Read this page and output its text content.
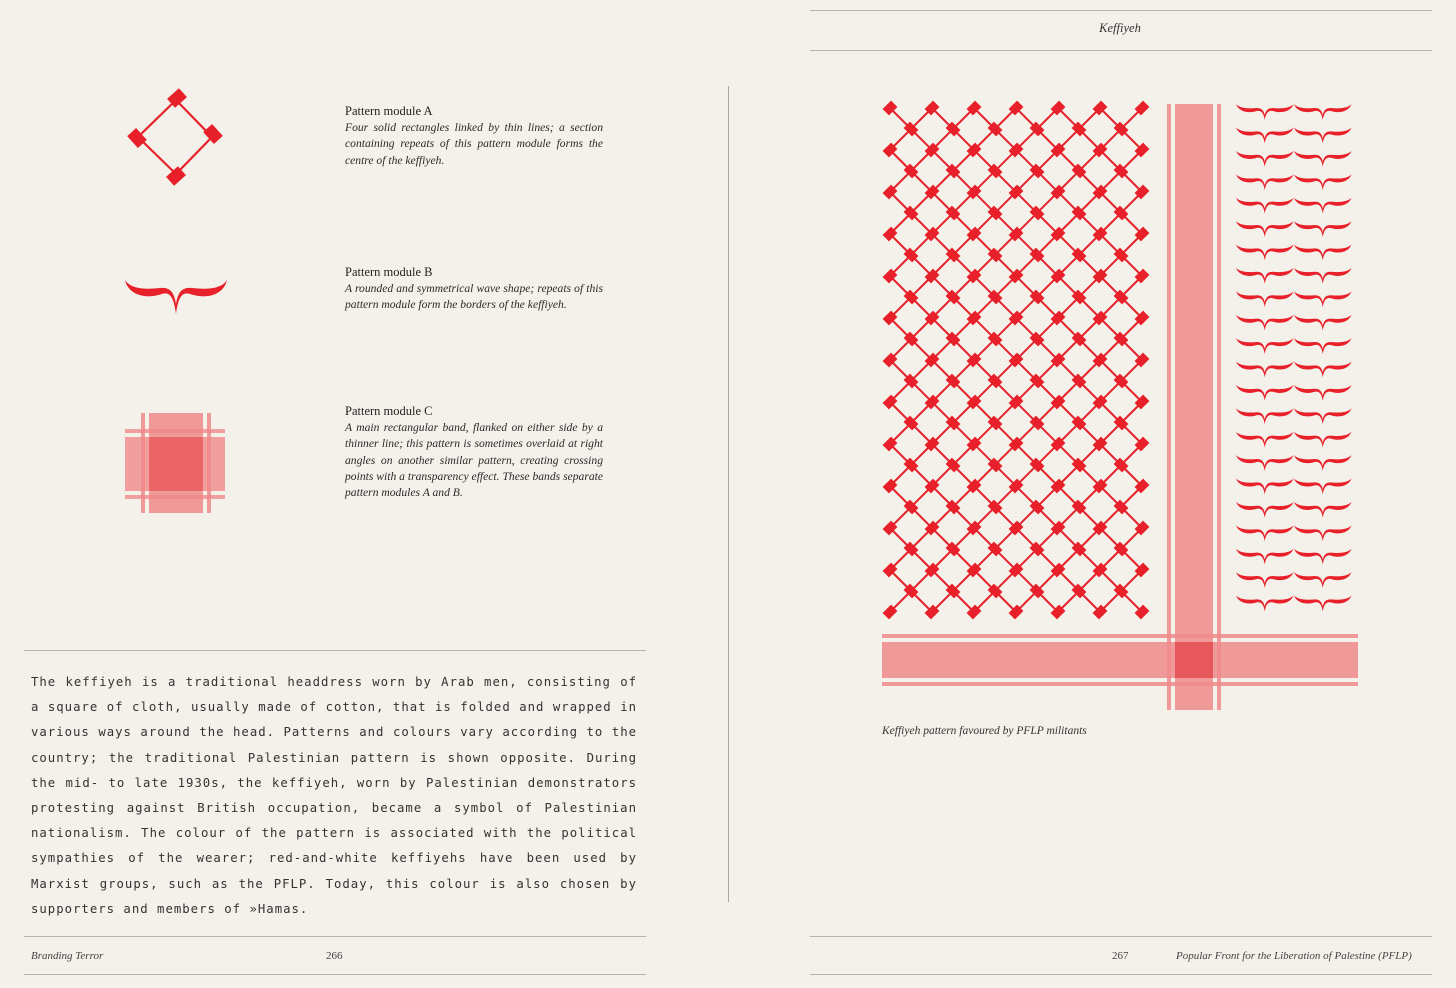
Pattern module A

Four solid rectangles linked by thin lines; a section containing repeats of this pattern module forms the centre of the keffiyeh.

Pattern module B

A rounded and symmetrical wave shape; repeats of this pattern module form the borders of the keffiyeh.

Pattern module C

A main rectangular band, flanked on either side by a thinner line; this pattern is sometimes overlaid at right angles on another similar pattern, creating crossing points with a transparency effect. These bands separate pattern modules A and B.

The keffiyeh is a traditional headdress worn by Arab men, consisting of a square of cloth, usually made of cotton, that is folded and wrapped in various ways around the head. Patterns and colours vary according to the country; the traditional Palestinian pattern is shown opposite. During the mid- to late 1930s, the keffiyeh, worn by Palestinian demonstrators protesting against British occupation, became a symbol of Palestinian nationalism. The colour of the pattern is associated with the political sympathies of the wearer; red-and-white keffiyehs have been used by Marxist groups, such as the PFLP. Today, this colour is also chosen by supporters and members of »Hamas.

Branding Terror	266
Keffiyeh
Keffiyeh pattern favoured by PFLP militants
267	Popular Front for the Liberation of Palestine (PFLP)
